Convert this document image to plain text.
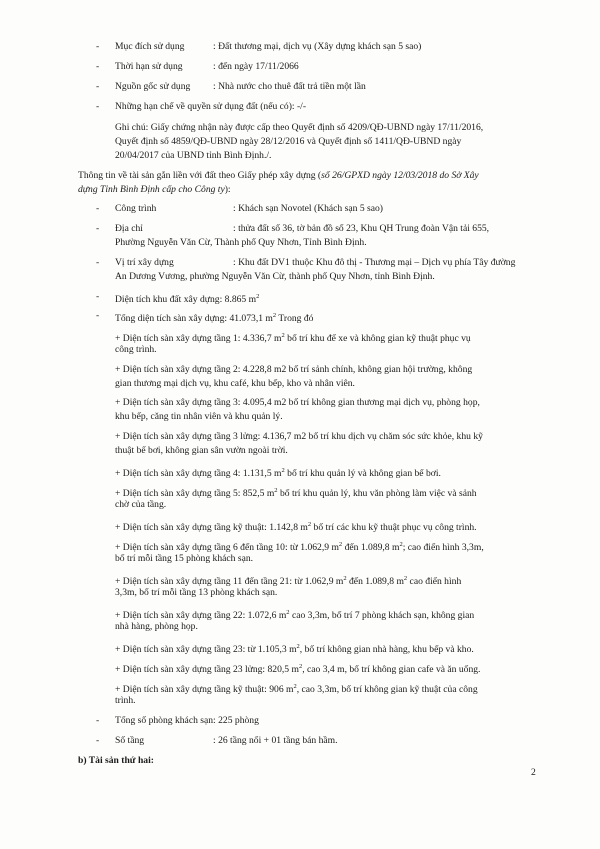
- Mục đích sử dụng	: Đất thương mại, dịch vụ (Xây dựng khách sạn 5 sao)
- Thời hạn sử dụng	: đến ngày 17/11/2066
- Nguồn gốc sử dụng : Nhà nước cho thuê đất trả tiền một lần
- Những hạn chế về quyền sử dụng đất (nếu có): -/-
Ghi chú: Giấy chứng nhận này được cấp theo Quyết định số 4209/QĐ-UBND ngày 17/11/2016,
Quyết định số 4859/QĐ-UBND ngày 28/12/2016 và Quyết định số 1411/QĐ-UBND ngày
20/04/2017 của UBND tỉnh Bình Định./.
Thông tin về tài sản gắn liền với đất theo Giấy phép xây dựng (số 26/GPXD ngày 12/03/2018 do Sở Xây
dựng Tỉnh Bình Định cấp cho Công ty):
- Công trình	: Khách sạn Novotel (Khách sạn 5 sao)
- Địa chỉ	: thửa đất số 36, tờ bản đồ số 23, Khu QH Trung đoàn Vận tải 655,
Phường Nguyễn Văn Cừ, Thành phố Quy Nhơn, Tỉnh Bình Định.
- Vị trí xây dựng	: Khu đất DV1 thuộc Khu đô thị - Thương mại – Dịch vụ phía Tây đường
An Dương Vương, phường Nguyễn Văn Cừ, thành phố Quy Nhơn, tỉnh Bình Định.
- Diện tích khu đất xây dựng: 8.865 $m^2$
- Tổng diện tích sàn xây dựng: 41.073,1 $m^2$ Trong đó
+ Diện tích sàn xây dựng tầng 1: 4.336,7 $m^2$ bố trí khu để xe và không gian kỹ thuật phục vụ
công trình.
+ Diện tích sàn xây dựng tầng 2: 4.228,8 m2 bố trí sảnh chính, không gian hội trường, không
gian thương mại dịch vụ, khu café, khu bếp, kho và nhân viên.
+ Diện tích sàn xây dựng tầng 3: 4.095,4 m2 bố trí không gian thương mại dịch vụ, phòng họp,
khu bếp, căng tin nhân viên và khu quản lý.
+ Diện tích sàn xây dựng tầng 3 lửng: 4.136,7 m2 bố trí khu dịch vụ chăm sóc sức khỏe, khu kỹ
thuật bể bơi, không gian sân vườn ngoài trời.
+ Diện tích sàn xây dựng tầng 4: 1.131,5 $m^2$ bố trí khu quản lý và không gian bể bơi.
+ Diện tích sàn xây dựng tầng 5: 852,5 $m^2$ bố trí khu quản lý, khu văn phòng làm việc và sảnh
chờ của tầng.
+ Diện tích sàn xây dựng tầng kỹ thuật: 1.142,8 $m^2$ bố trí các khu kỹ thuật phục vụ công trình.
+ Diện tích sàn xây dựng tầng 6 đến tầng 10: từ 1.062,9 $m^2$ đến 1.089,8 $m^2$; cao điển hình 3,3m,
bố trí mỗi tầng 15 phòng khách sạn.
+ Diện tích sàn xây dựng tầng 11 đến tầng 21: từ 1.062,9 $m^2$ đến 1.089,8 $m^2$ cao điển hình
3,3m, bố trí mỗi tầng 13 phòng khách sạn.
+ Diện tích sàn xây dựng tầng 22: 1.072,6 $m^2$ cao 3,3m, bố trí 7 phòng khách sạn, không gian
nhà hàng, phòng họp.
+ Diện tích sàn xây dựng tầng 23: từ 1.105,3 $m^2$, bố trí không gian nhà hàng, khu bếp và kho.
+ Diện tích sàn xây dựng tầng 23 lửng: 820,5 $m^2$, cao 3,4 m, bố trí không gian cafe và ăn uống.
+ Diện tích sàn xây dựng tầng kỹ thuật: 906 $m^2$, cao 3,3m, bố trí không gian kỹ thuật của công
trình.
- Tổng số phòng khách sạn: 225 phòng
- Số tầng	: 26 tầng nổi + 01 tầng bán hầm.
b) Tài sản thứ hai:
2
